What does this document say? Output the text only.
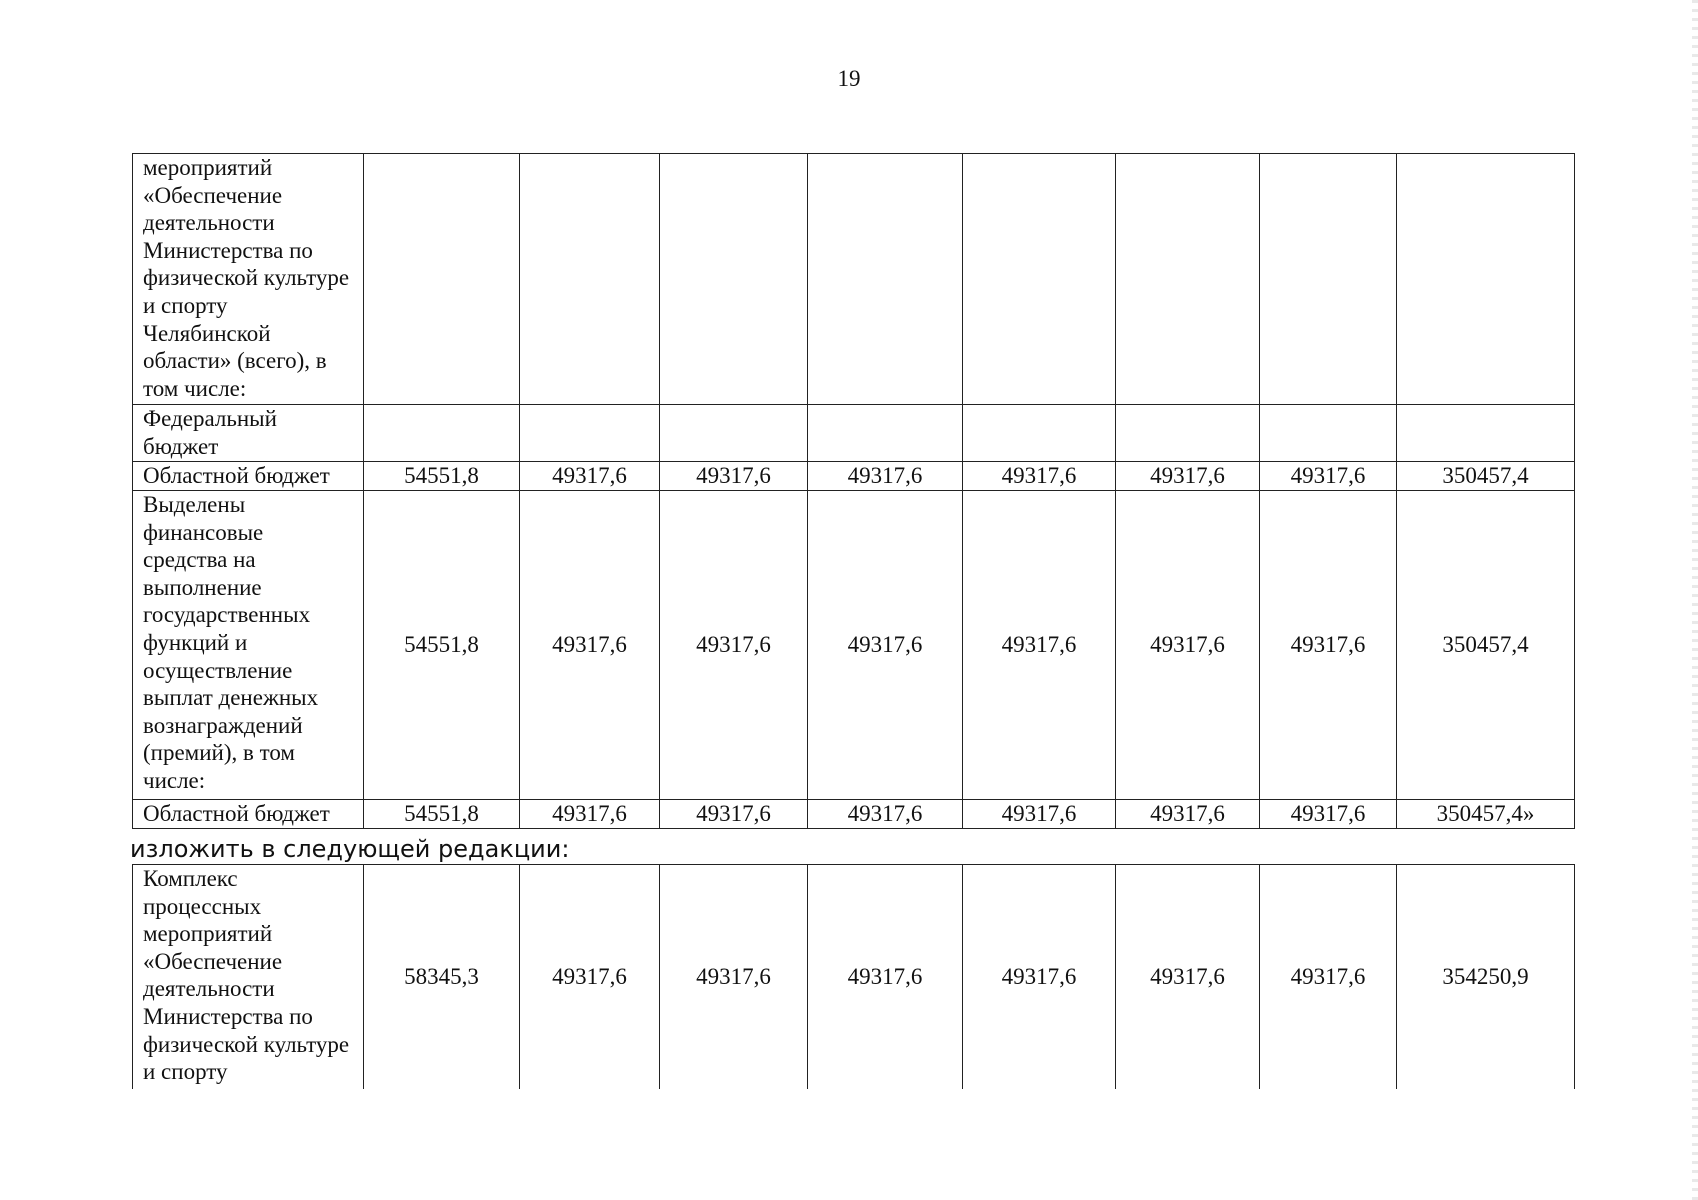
19
мероприятий «Обеспечение деятельности Министерства по физической культуре и спорту Челябинской области» (всего), в том числе:								
Федеральный бюджет								
Областной бюджет	54551,8	49317,6	49317,6	49317,6	49317,6	49317,6	49317,6	350457,4
Выделены финансовые средства на выполнение государственных функций и осуществление выплат денежных вознаграждений (премий), в том числе:	54551,8	49317,6	49317,6	49317,6	49317,6	49317,6	49317,6	350457,4
Областной бюджет	54551,8	49317,6	49317,6	49317,6	49317,6	49317,6	49317,6	350457,4»
изложить в следующей редакции:
Комплекс процессных мероприятий «Обеспечение деятельности Министерства по физической культуре и спорту	58345,3	49317,6	49317,6	49317,6	49317,6	49317,6	49317,6	354250,9
